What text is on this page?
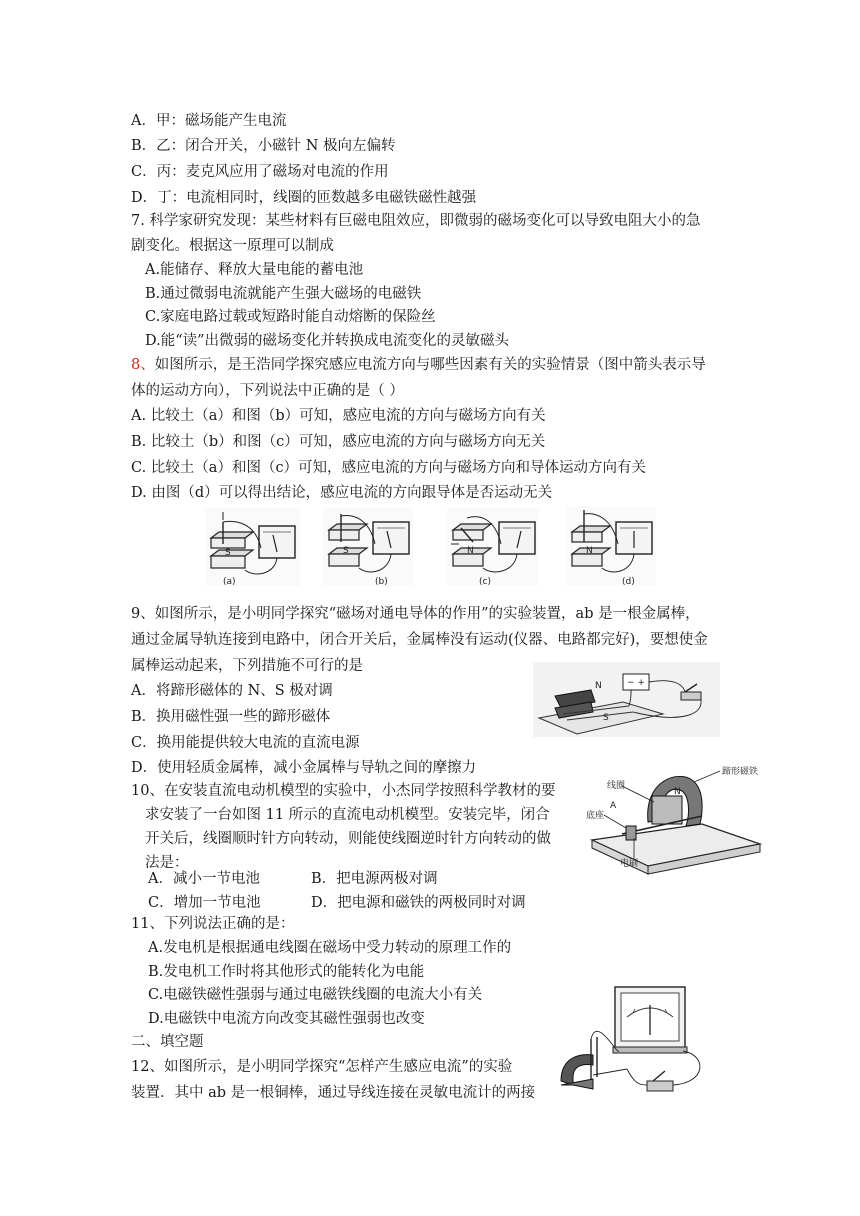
A．甲：磁场能产生电流
B．乙：闭合开关，小磁针 N 极向左偏转
C．丙：麦克风应用了磁场对电流的作用
D．丁：电流相同时，线圈的匝数越多电磁铁磁性越强
7. 科学家研究发现：某些材料有巨磁电阻效应，即微弱的磁场变化可以导致电阻大小的急
剧变化。根据这一原理可以制成
A.能储存、释放大量电能的蓄电池
B.通过微弱电流就能产生强大磁场的电磁铁
C.家庭电路过载或短路时能自动熔断的保险丝
D.能“读”出微弱的磁场变化并转换成电流变化的灵敏磁头
8、如图所示，是王浩同学探究感应电流方向与哪些因素有关的实验情景（图中箭头表示导
体的运动方向），下列说法中正确的是（ ）
A. 比较土（a）和图（b）可知，感应电流的方向与磁场方向有关
B. 比较土（b）和图（c）可知，感应电流的方向与磁场方向无关
C. 比较土（a）和图（c）可知，感应电流的方向与磁场方向和导体运动方向有关
D. 由图（d）可以得出结论，感应电流的方向跟导体是否运动无关
S
(a)
S
(b)
N
(c)
N
(d)
9、如图所示，是小明同学探究“磁场对通电导体的作用”的实验装置，ab 是一根金属棒，
通过金属导轨连接到电路中，闭合开关后，金属棒没有运动(仪器、电路都完好)，要想使金
属棒运动起来，下列措施不可行的是
A．将蹄形磁体的 N、S 极对调
B．换用磁性强一些的蹄形磁体
C．换用能提供较大电流的直流电源
D．使用轻质金属棒，减小金属棒与导轨之间的摩擦力
N
S
− +
10、在安装直流电动机模型的实验中，小杰同学按照科学教材的要
求安装了一台如图 11 所示的直流电动机模型。安装完毕，闭合
开关后，线圈顺时针方向转动，则能使线圈逆时针方向转动的做
法是：
A．减小一节电池	B．把电源两极对调
C．增加一节电池	D．把电源和磁铁的两极同时对调
线圈
蹄形磁铁
底座
A
N
电刷
11、下列说法正确的是：
A.发电机是根据通电线圈在磁场中受力转动的原理工作的
B.发电机工作时将其他形式的能转化为电能
C.电磁铁磁性强弱与通过电磁铁线圈的电流大小有关
D.电磁铁中电流方向改变其磁性强弱也改变
二、填空题
12、如图所示，是小明同学探究“怎样产生感应电流”的实验
装置．其中 ab 是一根铜棒，通过导线连接在灵敏电流计的两接
